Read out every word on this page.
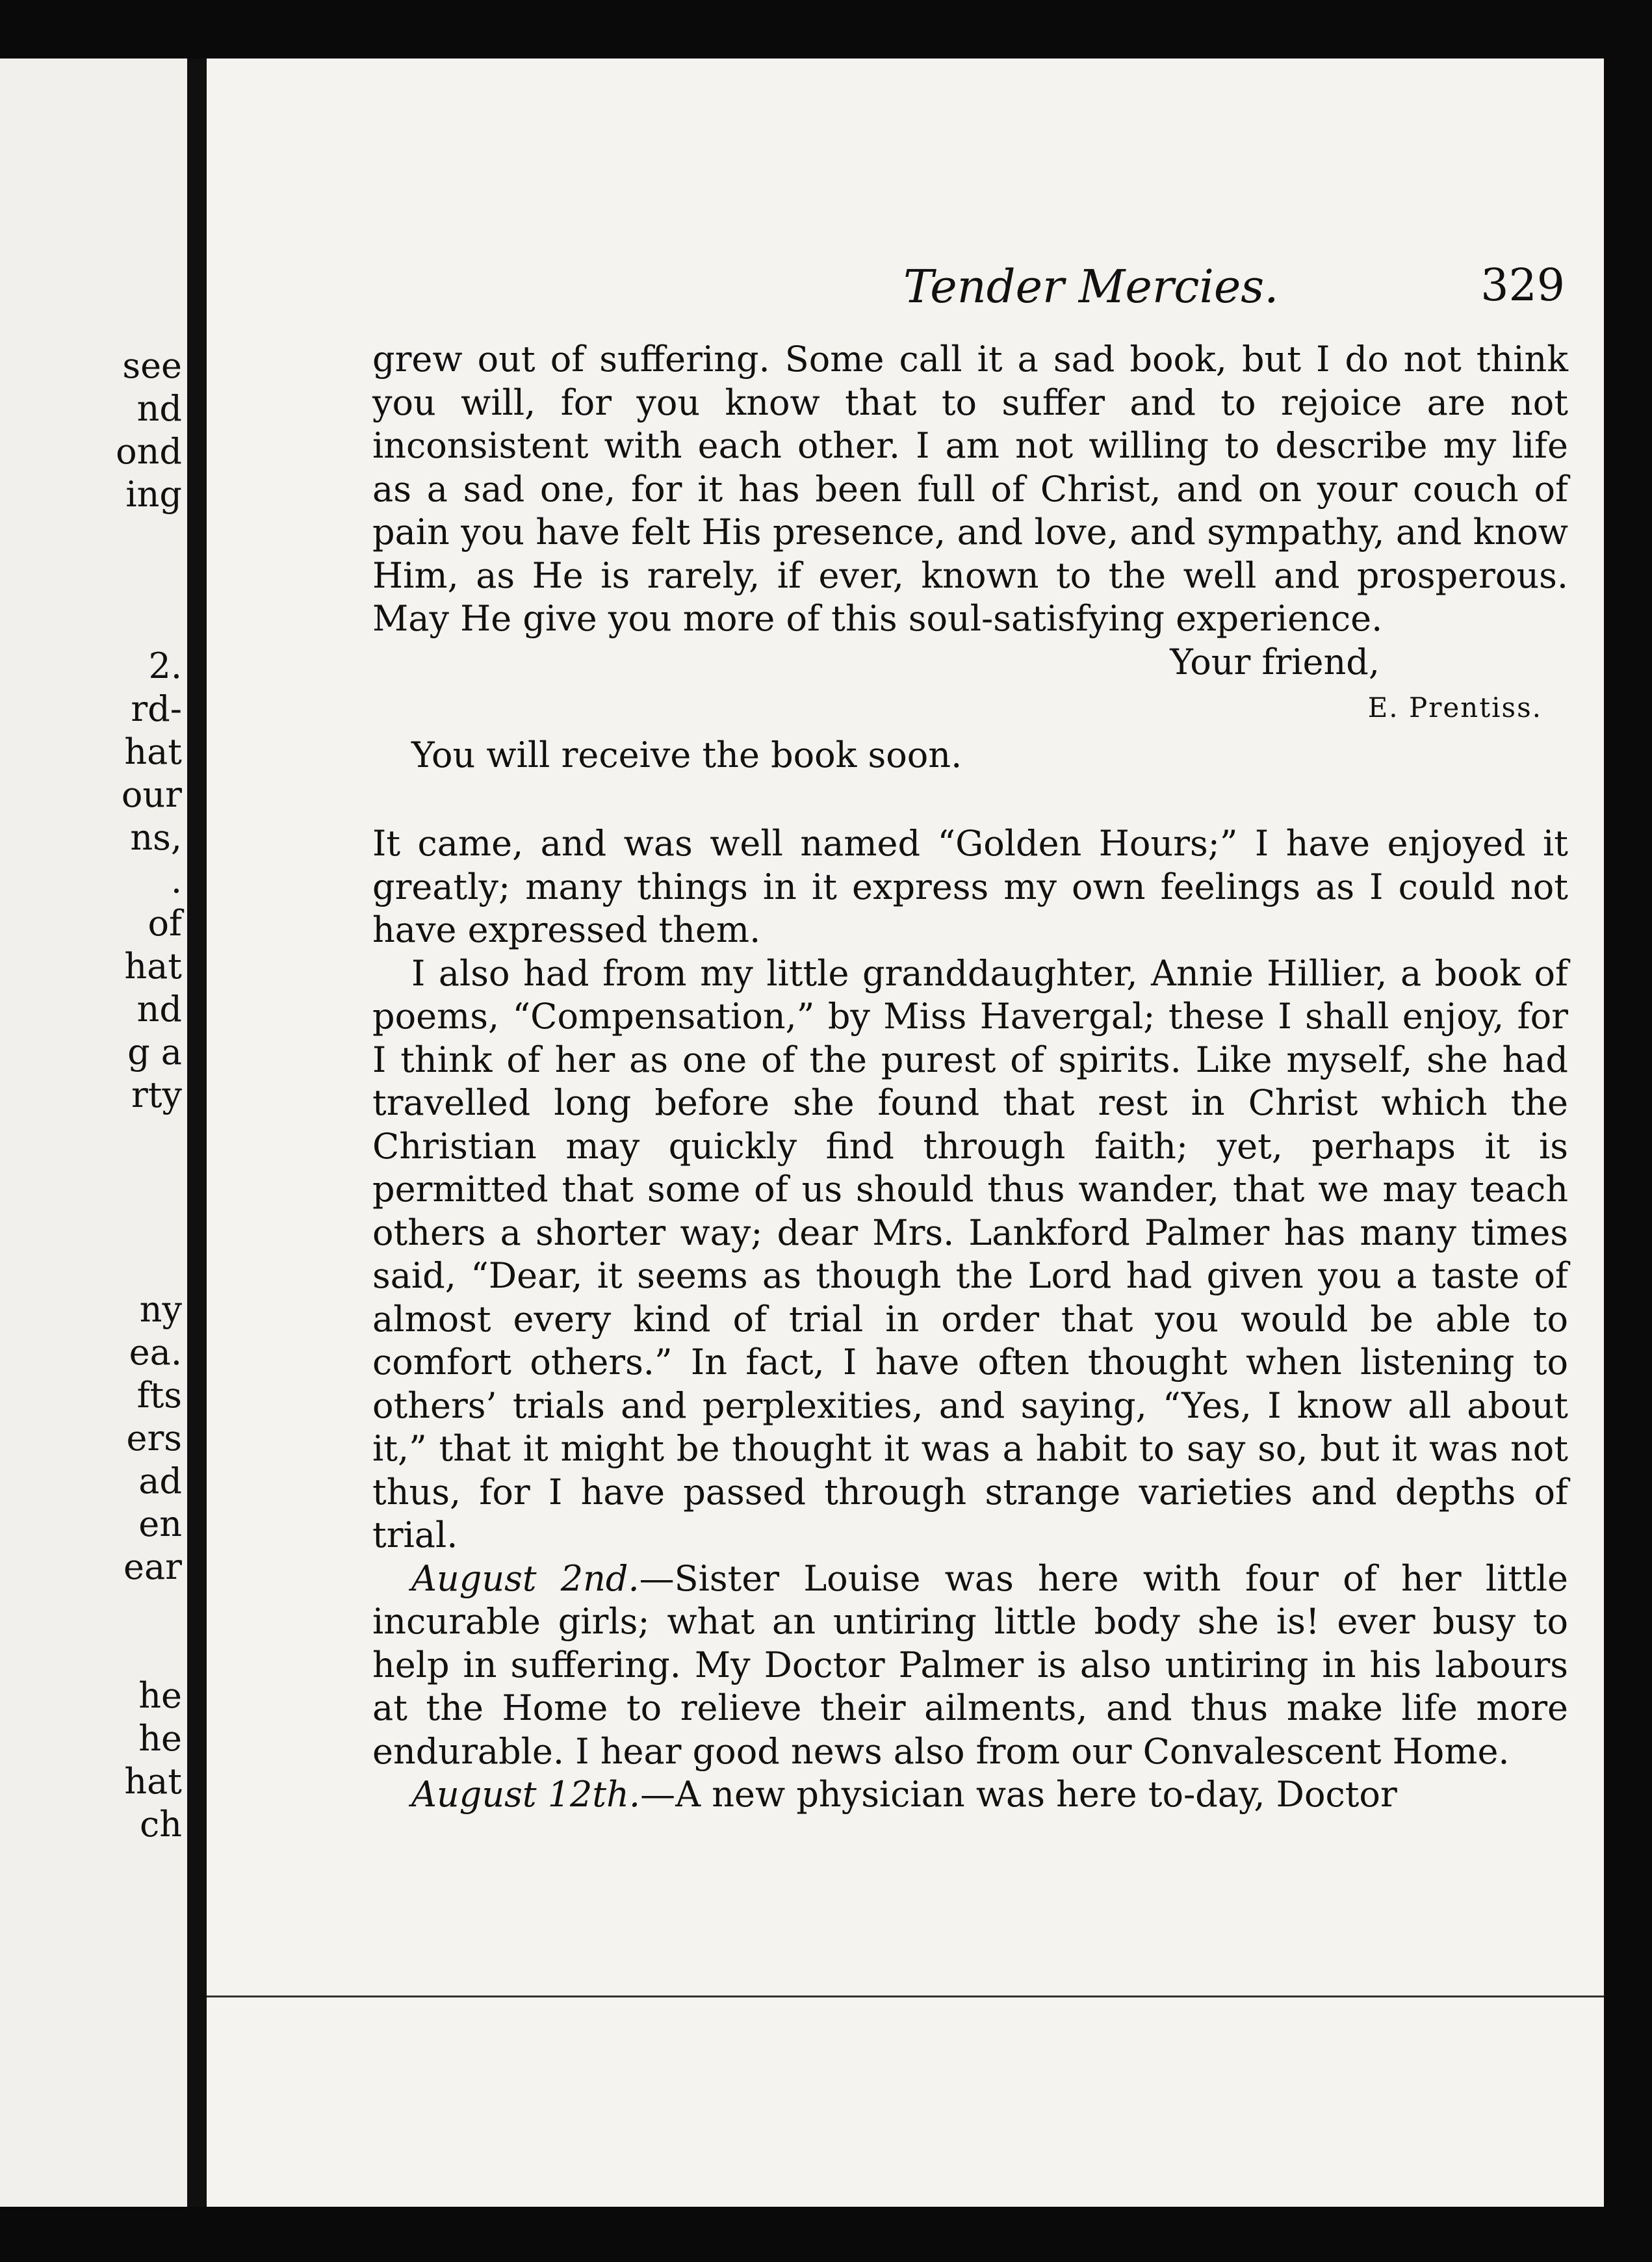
see
nd
ond
ing
2.
rd-
hat
our
ns,
.
of
hat
nd
g a
rty
ny
ea.
fts
ers
ad
en
ear
he
he
hat
ch
Tender Mercies.	329

grew out of suffering. Some call it a sad book, but I do not think you will, for you know that to suffer and to rejoice are not inconsistent with each other. I am not willing to describe my life as a sad one, for it has been full of Christ, and on your couch of pain you have felt His presence, and love, and sympathy, and know Him, as He is rarely, if ever, known to the well and prosperous. May He give you more of this soul-satisfying experience.

Your friend,
E. Prentiss.

You will receive the book soon.

It came, and was well named “Golden Hours;” I have enjoyed it greatly; many things in it express my own feelings as I could not have expressed them.

I also had from my little granddaughter, Annie Hillier, a book of poems, “Compensation,” by Miss Havergal; these I shall enjoy, for I think of her as one of the purest of spirits. Like myself, she had travelled long before she found that rest in Christ which the Christian may quickly find through faith; yet, perhaps it is permitted that some of us should thus wander, that we may teach others a shorter way; dear Mrs. Lankford Palmer has many times said, “Dear, it seems as though the Lord had given you a taste of almost every kind of trial in order that you would be able to comfort others.” In fact, I have often thought when listening to others’ trials and perplexities, and saying, “Yes, I know all about it,” that it might be thought it was a habit to say so, but it was not thus, for I have passed through strange varieties and depths of trial.

August 2nd.—Sister Louise was here with four of her little incurable girls; what an untiring little body she is! ever busy to help in suffering. My Doctor Palmer is also untiring in his labours at the Home to relieve their ailments, and thus make life more endurable. I hear good news also from our Convalescent Home.

August 12th.—A new physician was here to-day, Doctor
